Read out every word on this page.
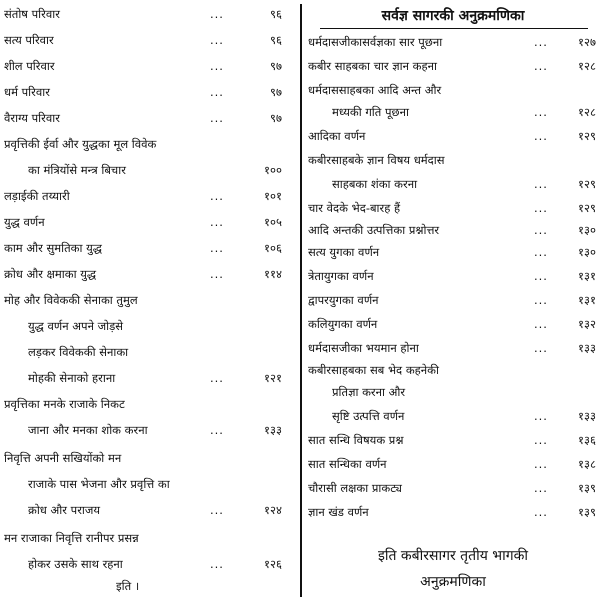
संतोष परिवार	...	९६
सत्य परिवार	...	९६
शील परिवार	...	९७
धर्म परिवार	...	९७
वैराग्य परिवार	...	९७
प्रवृत्तिकी ईर्वा और युद्धका मूल विवेक
का मंत्रियोंसे मन्त्र बिचार	१००
लड़ाईकी तय्यारी	...	१०१
युद्ध वर्णन	...	१०५
काम और सुमतिका युद्ध	...	१०६
क्रोध और क्षमाका युद्ध	...	११४
मोह और विवेककी सेनाका तुमुल
युद्ध वर्णन अपने जोड़से
लड़कर विवेककी सेनाका
मोहकी सेनाको हराना	...	१२१
प्रवृत्तिका मनके राजाके निकट
जाना और मनका शोक करना	...	१३३
निवृत्ति अपनी सखियोंको मन
राजाके पास भेजना और प्रवृत्ति का
क्रोध और पराजय	...	१२४
मन राजाका निवृत्ति रानीपर प्रसन्न
होकर उसके साथ रहना	...	१२६
इति ।
सर्वज्ञ सागरकी अनुक्रमणिका
धर्मदासजीकासर्वज्ञका सार पूछना	...	१२७
कबीर साहबका चार ज्ञान कहना	...	१२८
धर्मदाससाहबका आदि अन्त और
मध्यकी गति पूछना	...	१२८
आदिका वर्णन	...	१२९
कबीरसाहबके ज्ञान विषय धर्मदास
साहबका शंका करना	...	१२९
चार वेदके भेद-बारह हैं	...	१२९
आदि अन्तकी उत्पत्तिका प्रश्नोत्तर	...	१३०
सत्य युगका वर्णन	...	१३०
त्रेतायुगका वर्णन	...	१३१
द्वापरयुगका वर्णन	...	१३१
कलियुगका वर्णन	...	१३२
धर्मदासजीका भयमान होना	...	१३३
कबीरसाहबका सब भेद कहनेकी
प्रतिज्ञा करना और
सृष्टि उत्पत्ति वर्णन	...	१३३
सात सन्धि विषयक प्रश्न	...	१३६
सात सन्धिका वर्णन	...	१३८
चौरासी लक्षका प्राकट्य	...	१३९
ज्ञान खंड वर्णन	...	१३९
इति कबीरसागर तृतीय भागकी
अनुक्रमणिका
